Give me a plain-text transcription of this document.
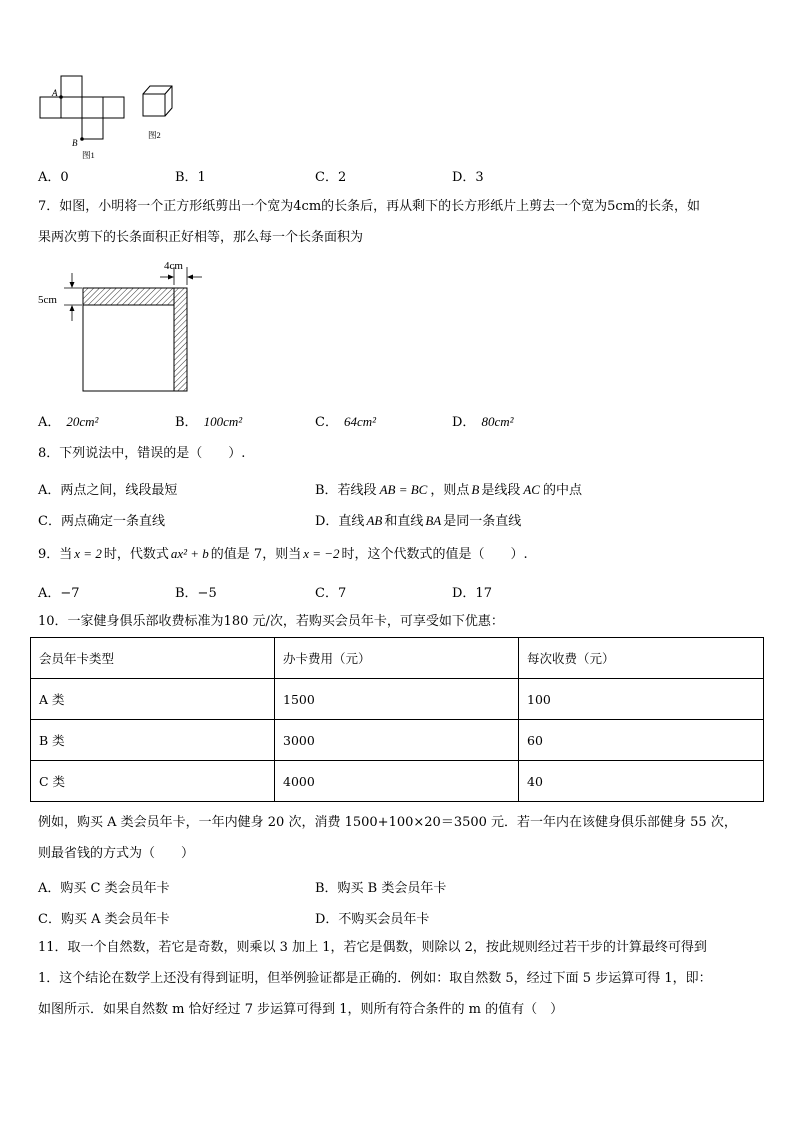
A
B
图1
图2
A．0	B．1	C．2	D．3
7．如图，小明将一个正方形纸剪出一个宽为4cm的长条后，再从剩下的长方形纸片上剪去一个宽为5cm的长条，如
果两次剪下的长条面积正好相等，那么每一个长条面积为
4cm
5cm
A． 20cm²	B． 100cm²	C． 64cm²	D． 80cm²
8．下列说法中，错误的是（　　）.
A．两点之间，线段最短	B．若线段 AB = BC ，则点 B 是线段 AC 的中点
C．两点确定一条直线	D．直线 AB 和直线 BA 是同一条直线
9．当 x = 2 时，代数式 ax² + b 的值是 7，则当 x = −2 时，这个代数式的值是（　　）.
A．−7	B．−5	C．7	D．17
10．一家健身俱乐部收费标准为180 元/次，若购买会员年卡，可享受如下优惠：
会员年卡类型	办卡费用（元）	每次收费（元）
A 类	1500	100
B 类	3000	60
C 类	4000	40
例如，购买 A 类会员年卡，一年内健身 20 次，消费 1500+100×20＝3500 元．若一年内在该健身俱乐部健身 55 次，
则最省钱的方式为（　　）
A．购买 C 类会员年卡	B．购买 B 类会员年卡
C．购买 A 类会员年卡	D．不购买会员年卡
11．取一个自然数，若它是奇数，则乘以 3 加上 1，若它是偶数，则除以 2，按此规则经过若干步的计算最终可得到
1．这个结论在数学上还没有得到证明，但举例验证都是正确的．例如：取自然数 5，经过下面 5 步运算可得 1，即：
如图所示．如果自然数 m 恰好经过 7 步运算可得到 1，则所有符合条件的 m 的值有（　）
